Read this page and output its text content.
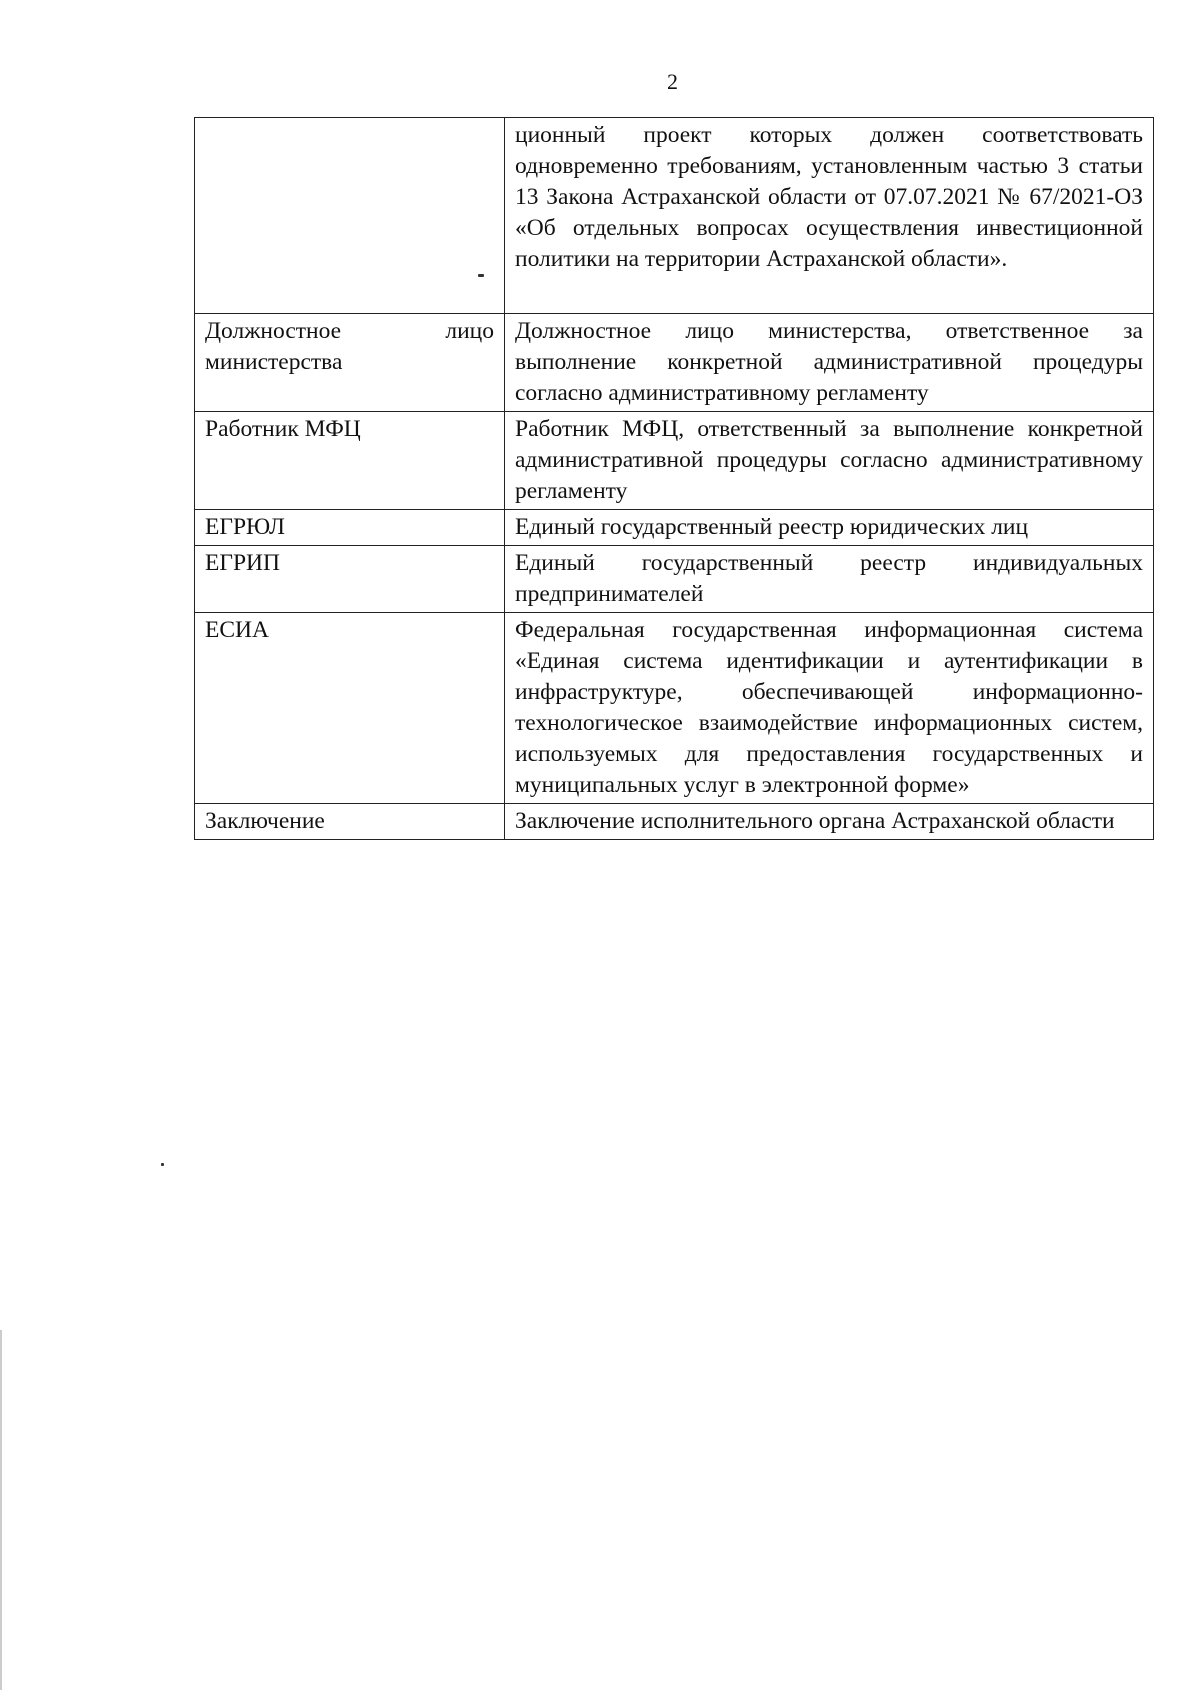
2
	ционный проект которых должен соответствовать одновременно требованиям, установленным частью 3 статьи 13 Закона Астраханской области от 07.07.2021 № 67/2021-ОЗ «Об отдельных вопросах осуществления инвестиционной политики на территории Астраханской области».
Должностное лицо министерства	Должностное лицо министерства, ответственное за выполнение конкретной административной процедуры согласно административному регламенту
Работник МФЦ	Работник МФЦ, ответственный за выполнение конкретной административной процедуры согласно административному регламенту
ЕГРЮЛ	Единый государственный реестр юридических лиц
ЕГРИП	Единый государственный реестр индивидуальных предпринимателей
ЕСИА	Федеральная государственная информационная система «Единая система идентификации и аутентификации в инфраструктуре, обеспечивающей информационно-технологическое взаимодействие информационных систем, используемых для предоставления государственных и муниципальных услуг в электронной форме»
Заключение	Заключение исполнительного органа Астраханской области
